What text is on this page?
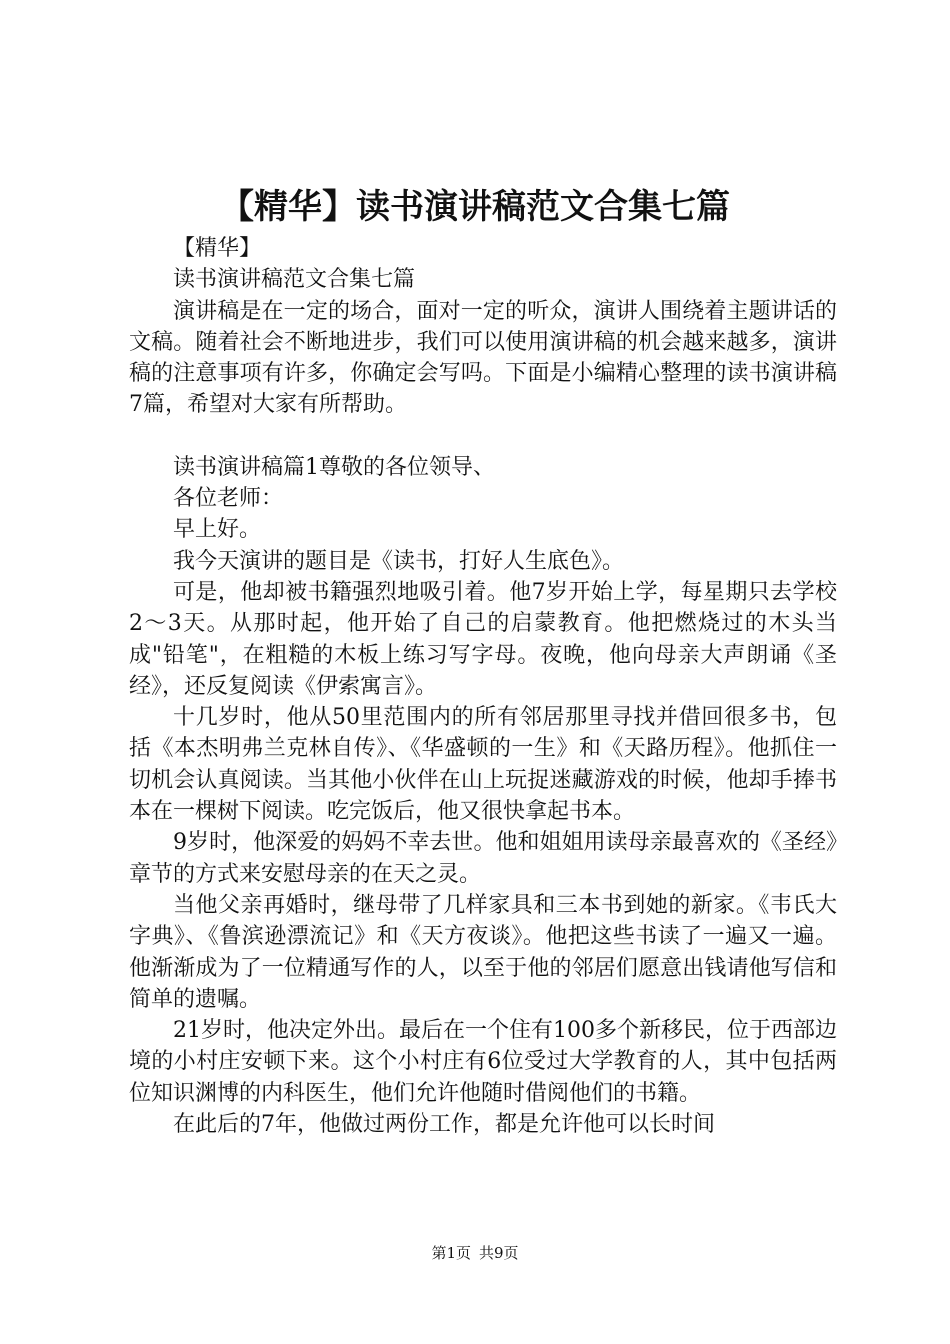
【精华】读书演讲稿范文合集七篇

【精华】

读书演讲稿范文合集七篇

演讲稿是在一定的场合，面对一定的听众，演讲人围绕着主题讲话的文稿。随着社会不断地进步，我们可以使用演讲稿的机会越来越多，演讲稿的注意事项有许多，你确定会写吗。下面是小编精心整理的读书演讲稿7篇，希望对大家有所帮助。

读书演讲稿篇1尊敬的各位领导、

各位老师：

早上好。

我今天演讲的题目是《读书，打好人生底色》。

可是，他却被书籍强烈地吸引着。他7岁开始上学，每星期只去学校2～3天。从那时起，他开始了自己的启蒙教育。他把燃烧过的木头当成"铅笔"，在粗糙的木板上练习写字母。夜晚，他向母亲大声朗诵《圣经》，还反复阅读《伊索寓言》。

十几岁时，他从50里范围内的所有邻居那里寻找并借回很多书，包括《本杰明弗兰克林自传》、《华盛顿的一生》和《天路历程》。他抓住一切机会认真阅读。当其他小伙伴在山上玩捉迷藏游戏的时候，他却手捧书本在一棵树下阅读。吃完饭后，他又很快拿起书本。

9岁时，他深爱的妈妈不幸去世。他和姐姐用读母亲最喜欢的《圣经》章节的方式来安慰母亲的在天之灵。

当他父亲再婚时，继母带了几样家具和三本书到她的新家。《韦氏大字典》、《鲁滨逊漂流记》和《天方夜谈》。他把这些书读了一遍又一遍。他渐渐成为了一位精通写作的人，以至于他的邻居们愿意出钱请他写信和简单的遗嘱。

21岁时，他决定外出。最后在一个住有100多个新移民，位于西部边境的小村庄安顿下来。这个小村庄有6位受过大学教育的人，其中包括两位知识渊博的内科医生，他们允许他随时借阅他们的书籍。

在此后的7年，他做过两份工作，都是允许他可以长时间

第1页 共9页
